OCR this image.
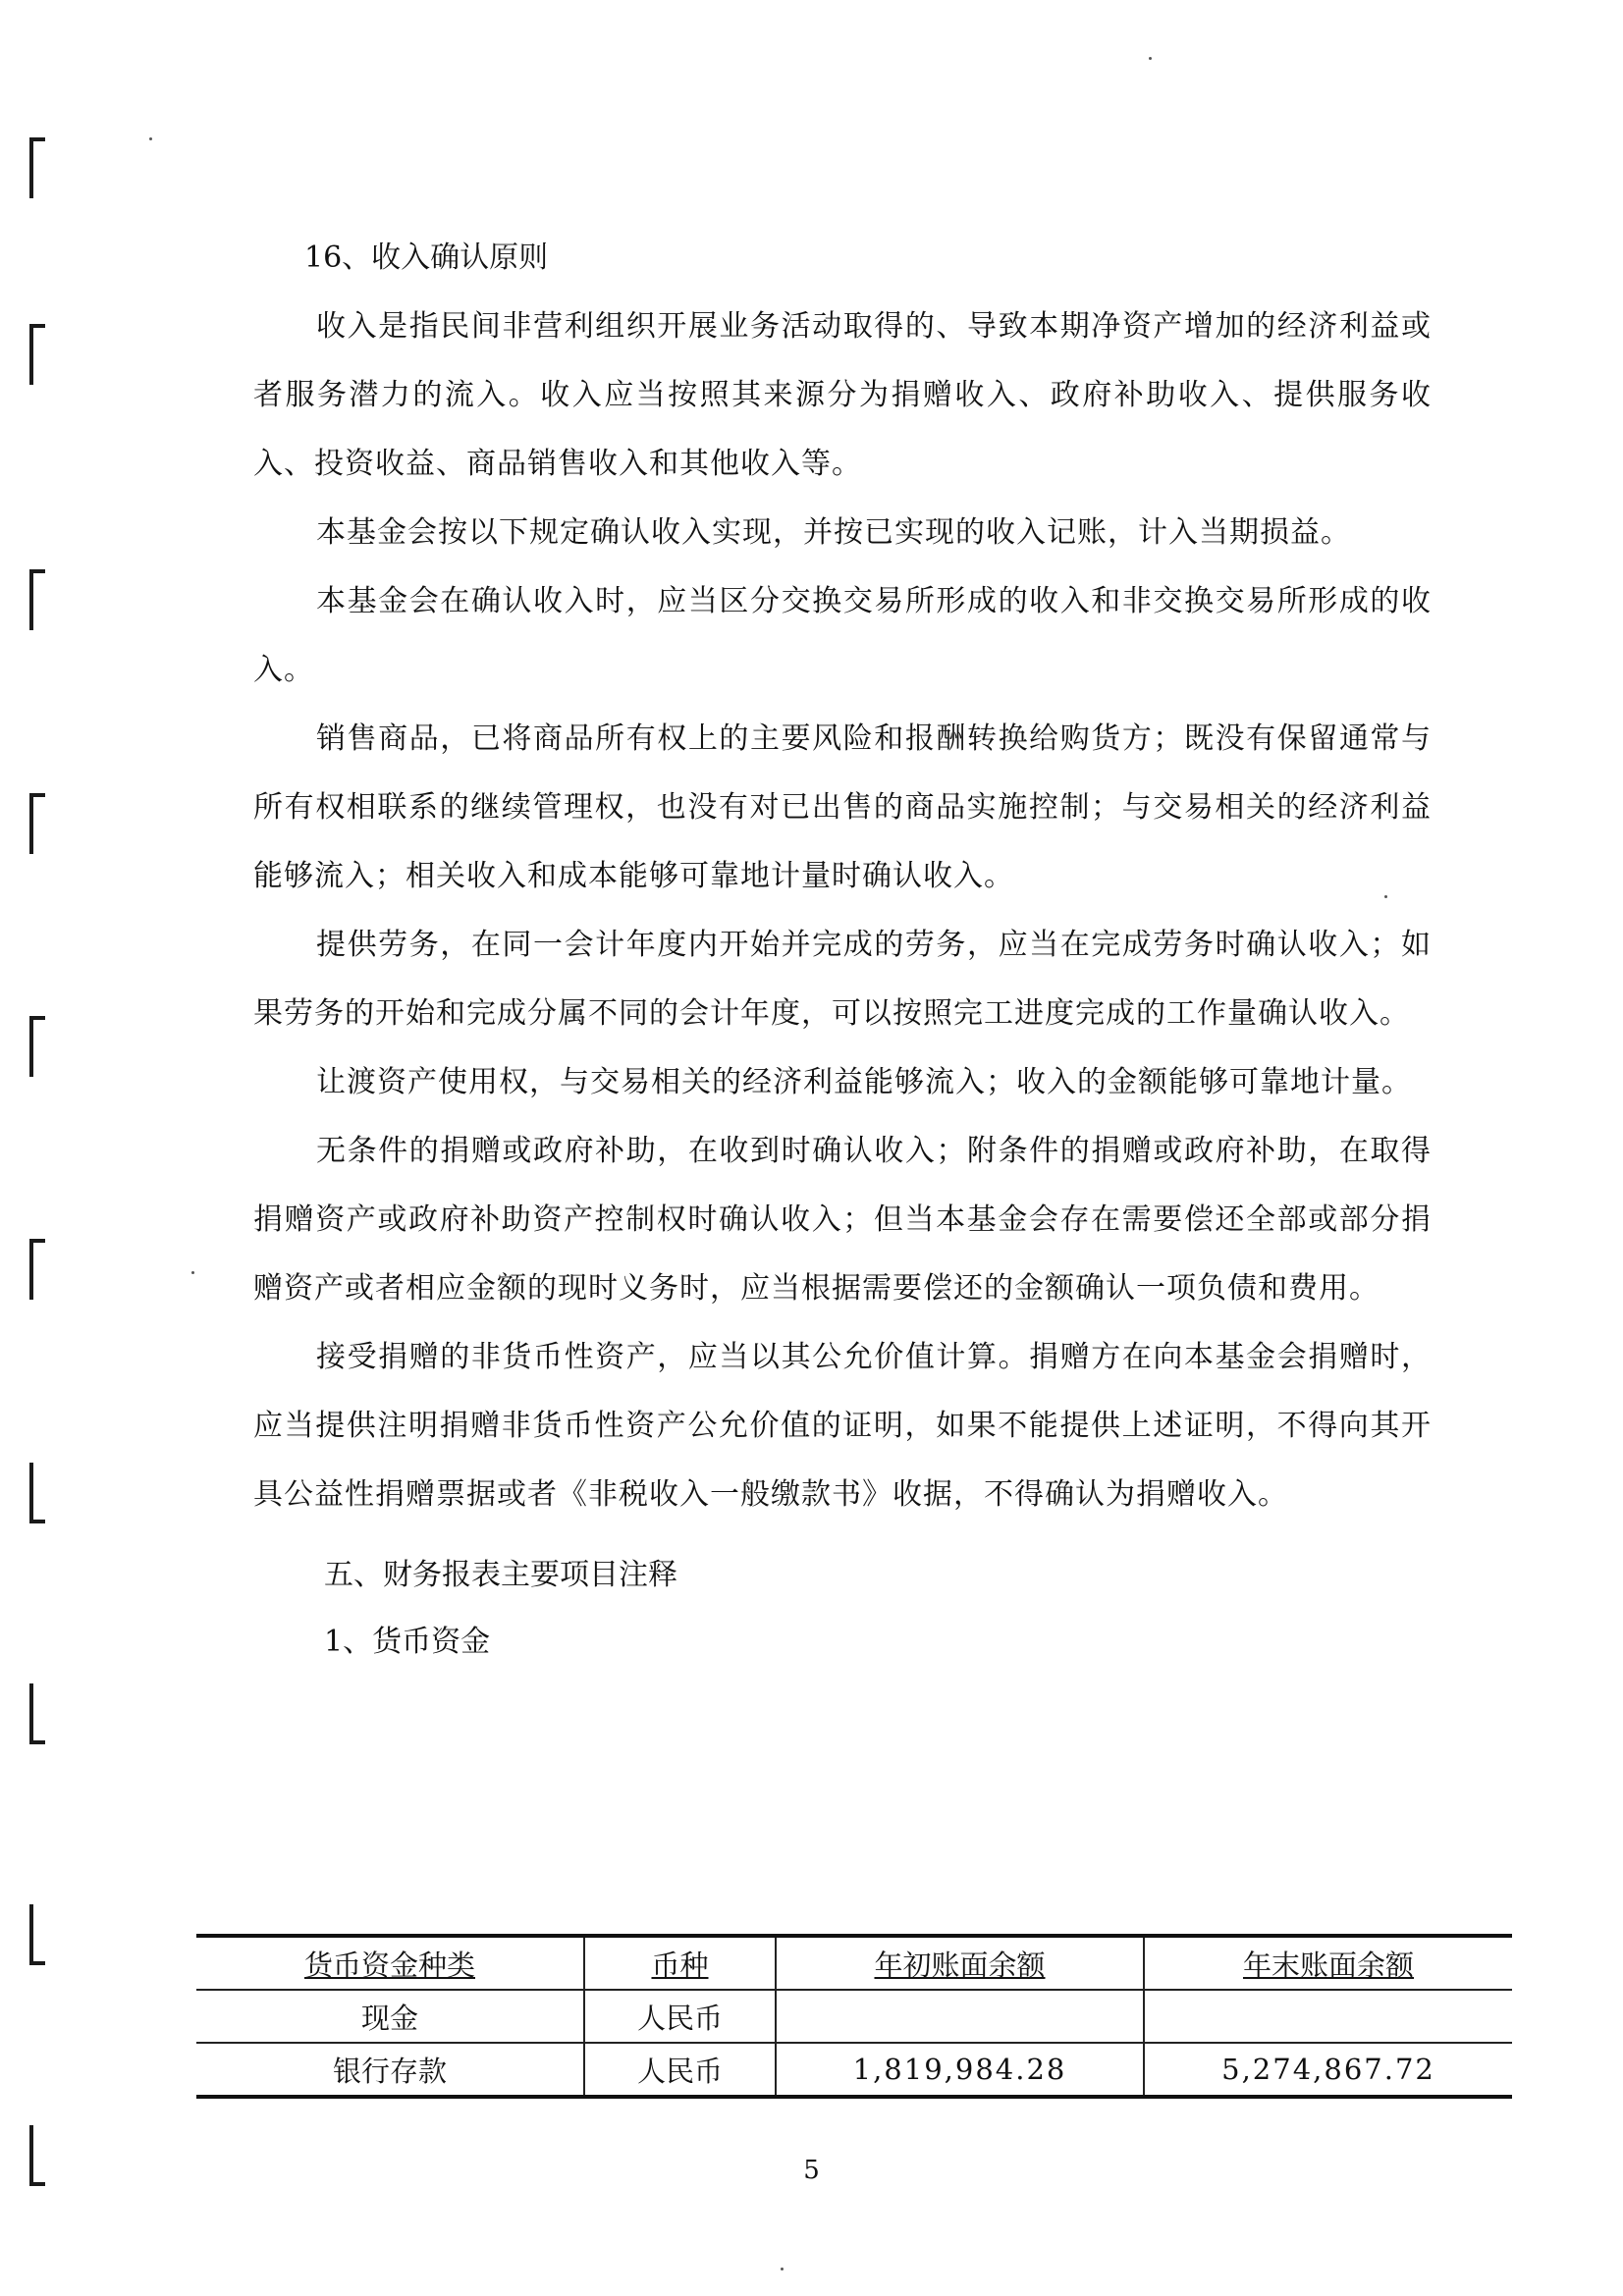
16、收入确认原则

收入是指民间非营利组织开展业务活动取得的、导致本期净资产增加的经济利益或者服务潜力的流入。收入应当按照其来源分为捐赠收入、政府补助收入、提供服务收入、投资收益、商品销售收入和其他收入等。

本基金会按以下规定确认收入实现，并按已实现的收入记账，计入当期损益。

本基金会在确认收入时，应当区分交换交易所形成的收入和非交换交易所形成的收入。

销售商品，已将商品所有权上的主要风险和报酬转换给购货方；既没有保留通常与所有权相联系的继续管理权，也没有对已出售的商品实施控制；与交易相关的经济利益能够流入；相关收入和成本能够可靠地计量时确认收入。

提供劳务，在同一会计年度内开始并完成的劳务，应当在完成劳务时确认收入；如果劳务的开始和完成分属不同的会计年度，可以按照完工进度完成的工作量确认收入。

让渡资产使用权，与交易相关的经济利益能够流入；收入的金额能够可靠地计量。

无条件的捐赠或政府补助，在收到时确认收入；附条件的捐赠或政府补助，在取得捐赠资产或政府补助资产控制权时确认收入；但当本基金会存在需要偿还全部或部分捐赠资产或者相应金额的现时义务时，应当根据需要偿还的金额确认一项负债和费用。

接受捐赠的非货币性资产，应当以其公允价值计算。捐赠方在向本基金会捐赠时，应当提供注明捐赠非货币性资产公允价值的证明，如果不能提供上述证明，不得向其开具公益性捐赠票据或者《非税收入一般缴款书》收据，不得确认为捐赠收入。

五、财务报表主要项目注释
1、货币资金
货币资金种类	币种	年初账面余额	年末账面余额
现金	人民币		
银行存款	人民币	1,819,984.28	5,274,867.72
5
